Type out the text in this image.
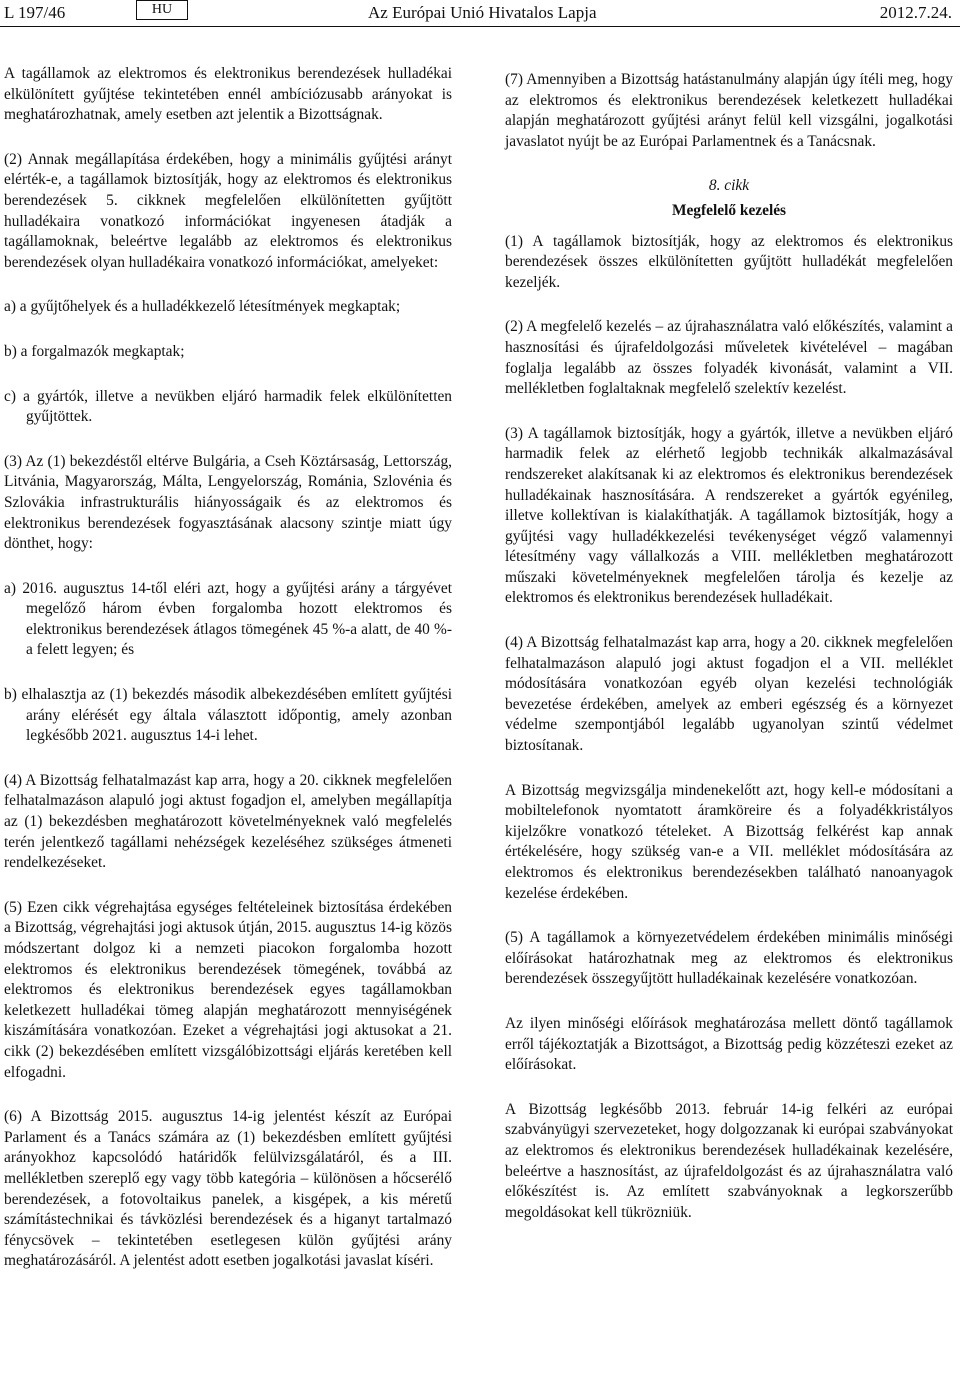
L 197/46	HU	Az Európai Unió Hivatalos Lapja	2012.7.24.

A tagállamok az elektromos és elektronikus berendezések hulladékai elkülönített gyűjtése tekintetében ennél ambíciózusabb arányokat is meghatározhatnak, amely esetben azt jelentik a Bizottságnak.

(2) Annak megállapítása érdekében, hogy a minimális gyűjtési arányt elérték-e, a tagállamok biztosítják, hogy az elektromos és elektronikus berendezések 5. cikknek megfelelően elkülönítetten gyűjtött hulladékaira vonatkozó információkat ingyenesen átadják a tagállamoknak, beleértve legalább az elektromos és elektronikus berendezések olyan hulladékaira vonatkozó információkat, amelyeket:

a) a gyűjtőhelyek és a hulladékkezelő létesítmények megkaptak;

b) a forgalmazók megkaptak;

c) a gyártók, illetve a nevükben eljáró harmadik felek elkülönítetten gyűjtöttek.

(3) Az (1) bekezdéstől eltérve Bulgária, a Cseh Köztársaság, Lettország, Litvánia, Magyarország, Málta, Lengyelország, Románia, Szlovénia és Szlovákia infrastrukturális hiányosságaik és az elektromos és elektronikus berendezések fogyasztásának alacsony szintje miatt úgy dönthet, hogy:

a) 2016. augusztus 14-től eléri azt, hogy a gyűjtési arány a tárgyévet megelőző három évben forgalomba hozott elektromos és elektronikus berendezések átlagos tömegének 45 %-a alatt, de 40 %-a felett legyen; és

b) elhalasztja az (1) bekezdés második albekezdésében említett gyűjtési arány elérését egy általa választott időpontig, amely azonban legkésőbb 2021. augusztus 14-i lehet.

(4) A Bizottság felhatalmazást kap arra, hogy a 20. cikknek megfelelően felhatalmazáson alapuló jogi aktust fogadjon el, amelyben megállapítja az (1) bekezdésben meghatározott követelményeknek való megfelelés terén jelentkező tagállami nehézségek kezeléséhez szükséges átmeneti rendelkezéseket.

(5) Ezen cikk végrehajtása egységes feltételeinek biztosítása érdekében a Bizottság, végrehajtási jogi aktusok útján, 2015. augusztus 14-ig közös módszertant dolgoz ki a nemzeti piacokon forgalomba hozott elektromos és elektronikus berendezések tömegének, továbbá az elektromos és elektronikus berendezések egyes tagállamokban keletkezett hulladékai tömeg alapján meghatározott mennyiségének kiszámítására vonatkozóan. Ezeket a végrehajtási jogi aktusokat a 21. cikk (2) bekezdésében említett vizsgálóbizottsági eljárás keretében kell elfogadni.

(6) A Bizottság 2015. augusztus 14-ig jelentést készít az Európai Parlament és a Tanács számára az (1) bekezdésben említett gyűjtési arányokhoz kapcsolódó határidők felülvizsgálatáról, és a III. mellékletben szereplő egy vagy több kategória – különösen a hőcserélő berendezések, a fotovoltaikus panelek, a kisgépek, a kis méretű számítástechnikai és távközlési berendezések és a higanyt tartalmazó fénycsövek – tekintetében esetlegesen külön gyűjtési arány meghatározásáról. A jelentést adott esetben jogalkotási javaslat kíséri.

(7) Amennyiben a Bizottság hatástanulmány alapján úgy ítéli meg, hogy az elektromos és elektronikus berendezések keletkezett hulladékai alapján meghatározott gyűjtési arányt felül kell vizsgálni, jogalkotási javaslatot nyújt be az Európai Parlamentnek és a Tanácsnak.

8. cikk
Megfelelő kezelés

(1) A tagállamok biztosítják, hogy az elektromos és elektronikus berendezések összes elkülönítetten gyűjtött hulladékát megfelelően kezeljék.

(2) A megfelelő kezelés – az újrahasználatra való előkészítés, valamint a hasznosítási és újrafeldolgozási műveletek kivételével – magában foglalja legalább az összes folyadék kivonását, valamint a VII. mellékletben foglaltaknak megfelelő szelektív kezelést.

(3) A tagállamok biztosítják, hogy a gyártók, illetve a nevükben eljáró harmadik felek az elérhető legjobb technikák alkalmazásával rendszereket alakítsanak ki az elektromos és elektronikus berendezések hulladékainak hasznosítására. A rendszereket a gyártók egyénileg, illetve kollektívan is kialakíthatják. A tagállamok biztosítják, hogy a gyűjtési vagy hulladékkezelési tevékenységet végző valamennyi létesítmény vagy vállalkozás a VIII. mellékletben meghatározott műszaki követelményeknek megfelelően tárolja és kezelje az elektromos és elektronikus berendezések hulladékait.

(4) A Bizottság felhatalmazást kap arra, hogy a 20. cikknek megfelelően felhatalmazáson alapuló jogi aktust fogadjon el a VII. melléklet módosítására vonatkozóan egyéb olyan kezelési technológiák bevezetése érdekében, amelyek az emberi egészség és a környezet védelme szempontjából legalább ugyanolyan szintű védelmet biztosítanak.

A Bizottság megvizsgálja mindenekelőtt azt, hogy kell-e módosítani a mobiltelefonok nyomtatott áramköreire és a folyadékkristályos kijelzőkre vonatkozó tételeket. A Bizottság felkérést kap annak értékelésére, hogy szükség van-e a VII. melléklet módosítására az elektromos és elektronikus berendezésekben található nanoanyagok kezelése érdekében.

(5) A tagállamok a környezetvédelem érdekében minimális minőségi előírásokat határozhatnak meg az elektromos és elektronikus berendezések összegyűjtött hulladékainak kezelésére vonatkozóan.

Az ilyen minőségi előírások meghatározása mellett döntő tagállamok erről tájékoztatják a Bizottságot, a Bizottság pedig közzéteszi ezeket az előírásokat.

A Bizottság legkésőbb 2013. február 14-ig felkéri az európai szabványügyi szervezeteket, hogy dolgozzanak ki európai szabványokat az elektromos és elektronikus berendezések hulladékainak kezelésére, beleértve a hasznosítást, az újrafeldolgozást és az újrahasználatra való előkészítést is. Az említett szabványoknak a legkorszerűbb megoldásokat kell tükrözniük.
